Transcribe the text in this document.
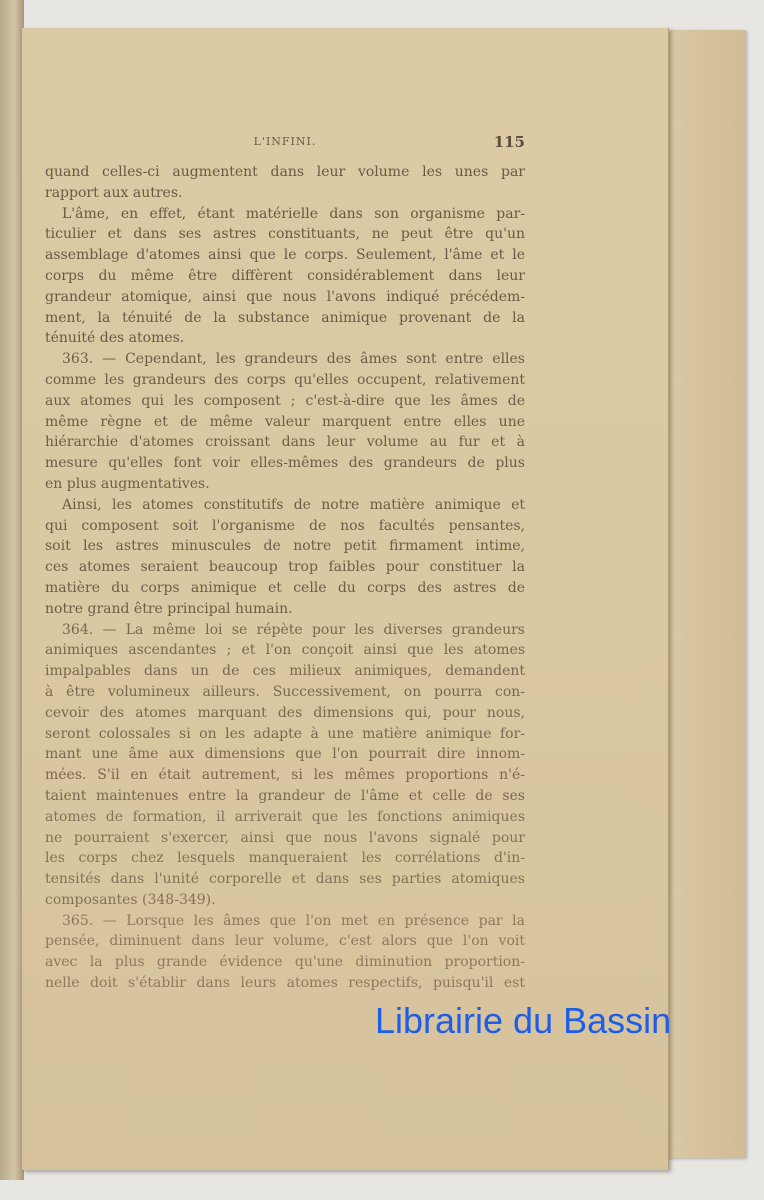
L'INFINI.	115
quand celles-ci augmentent dans leur volume les unes par
rapport aux autres.
L'âme, en effet, étant matérielle dans son organisme par-
ticulier et dans ses astres constituants, ne peut être qu'un
assemblage d'atomes ainsi que le corps. Seulement, l'âme et le
corps du même être diffèrent considérablement dans leur
grandeur atomique, ainsi que nous l'avons indiqué précédem-
ment, la ténuité de la substance animique provenant de la
ténuité des atomes.
363. — Cependant, les grandeurs des âmes sont entre elles
comme les grandeurs des corps qu'elles occupent, relativement
aux atomes qui les composent ; c'est-à-dire que les âmes de
même règne et de même valeur marquent entre elles une
hiérarchie d'atomes croissant dans leur volume au fur et à
mesure qu'elles font voir elles-mêmes des grandeurs de plus
en plus augmentatives.
Ainsi, les atomes constitutifs de notre matière animique et
qui composent soit l'organisme de nos facultés pensantes,
soit les astres minuscules de notre petit firmament intime,
ces atomes seraient beaucoup trop faibles pour constituer la
matière du corps animique et celle du corps des astres de
notre grand être principal humain.
364. — La même loi se répète pour les diverses grandeurs
animiques ascendantes ; et l'on conçoit ainsi que les atomes
impalpables dans un de ces milieux animiques, demandent
à être volumineux ailleurs. Successivement, on pourra con-
cevoir des atomes marquant des dimensions qui, pour nous,
seront colossales si on les adapte à une matière animique for-
mant une âme aux dimensions que l'on pourrait dire innom-
mées. S'il en était autrement, si les mêmes proportions n'é-
taient maintenues entre la grandeur de l'âme et celle de ses
atomes de formation, il arriverait que les fonctions animiques
ne pourraient s'exercer, ainsi que nous l'avons signalé pour
les corps chez lesquels manqueraient les corrélations d'in-
tensités dans l'unité corporelle et dans ses parties atomiques
composantes (348-349).
365. — Lorsque les âmes que l'on met en présence par la
pensée, diminuent dans leur volume, c'est alors que l'on voit
avec la plus grande évidence qu'une diminution proportion-
nelle doit s'établir dans leurs atomes respectifs, puisqu'il est
Librairie du Bassin
